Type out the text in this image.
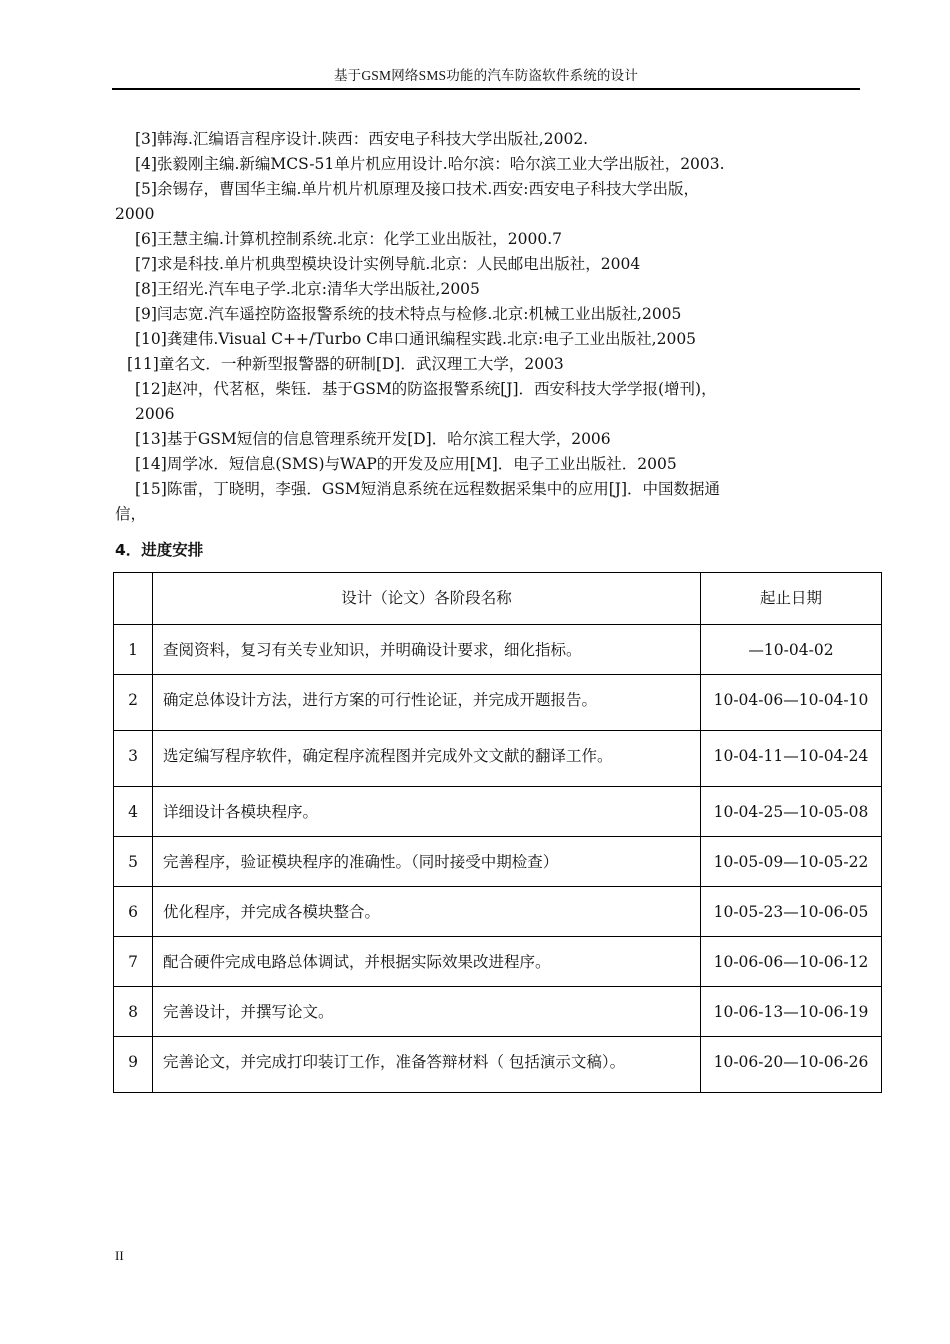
基于GSM网络SMS功能的汽车防盗软件系统的设计
[3]韩海.汇编语言程序设计.陕西：西安电子科技大学出版社,2002.
[4]张毅刚主编.新编MCS-51单片机应用设计.哈尔滨：哈尔滨工业大学出版社，2003.
[5]余锡存，曹国华主编.单片机片机原理及接口技术.西安:西安电子科技大学出版，
2000
[6]王慧主编.计算机控制系统.北京：化学工业出版社，2000.7
[7]求是科技.单片机典型模块设计实例导航.北京：人民邮电出版社，2004
[8]王绍光.汽车电子学.北京:清华大学出版社,2005
[9]闫志宽.汽车遥控防盗报警系统的技术特点与检修.北京:机械工业出版社,2005
[10]龚建伟.Visual C++/Turbo C串口通讯编程实践.北京:电子工业出版社,2005
[11]童名文．一种新型报警器的研制[D]．武汉理工大学，2003
[12]赵冲，代茗枢，柴钰．基于GSM的防盗报警系统[J]．西安科技大学学报(增刊)，
2006
[13]基于GSM短信的信息管理系统开发[D]．哈尔滨工程大学，2006
[14]周学冰．短信息(SMS)与WAP的开发及应用[M]．电子工业出版社．2005
[15]陈雷，丁晓明，李强．GSM短消息系统在远程数据采集中的应用[J]．中国数据通
信，
4．进度安排
	设计（论文）各阶段名称	起止日期
1	查阅资料，复习有关专业知识，并明确设计要求，细化指标。	—10-04-02
2	确定总体设计方法，进行方案的可行性论证，并完成开题报告。	10-04-06—10-04-10
3	选定编写程序软件，确定程序流程图并完成外文文献的翻译工作。	10-04-11—10-04-24
4	详细设计各模块程序。	10-04-25—10-05-08
5	完善程序，验证模块程序的准确性。（同时接受中期检查）	10-05-09—10-05-22
6	优化程序，并完成各模块整合。	10-05-23—10-06-05
7	配合硬件完成电路总体调试，并根据实际效果改进程序。	10-06-06—10-06-12
8	完善设计，并撰写论文。	10-06-13—10-06-19
9	完善论文，并完成打印装订工作，准备答辩材料（ 包括演示文稿）。	10-06-20—10-06-26
II
